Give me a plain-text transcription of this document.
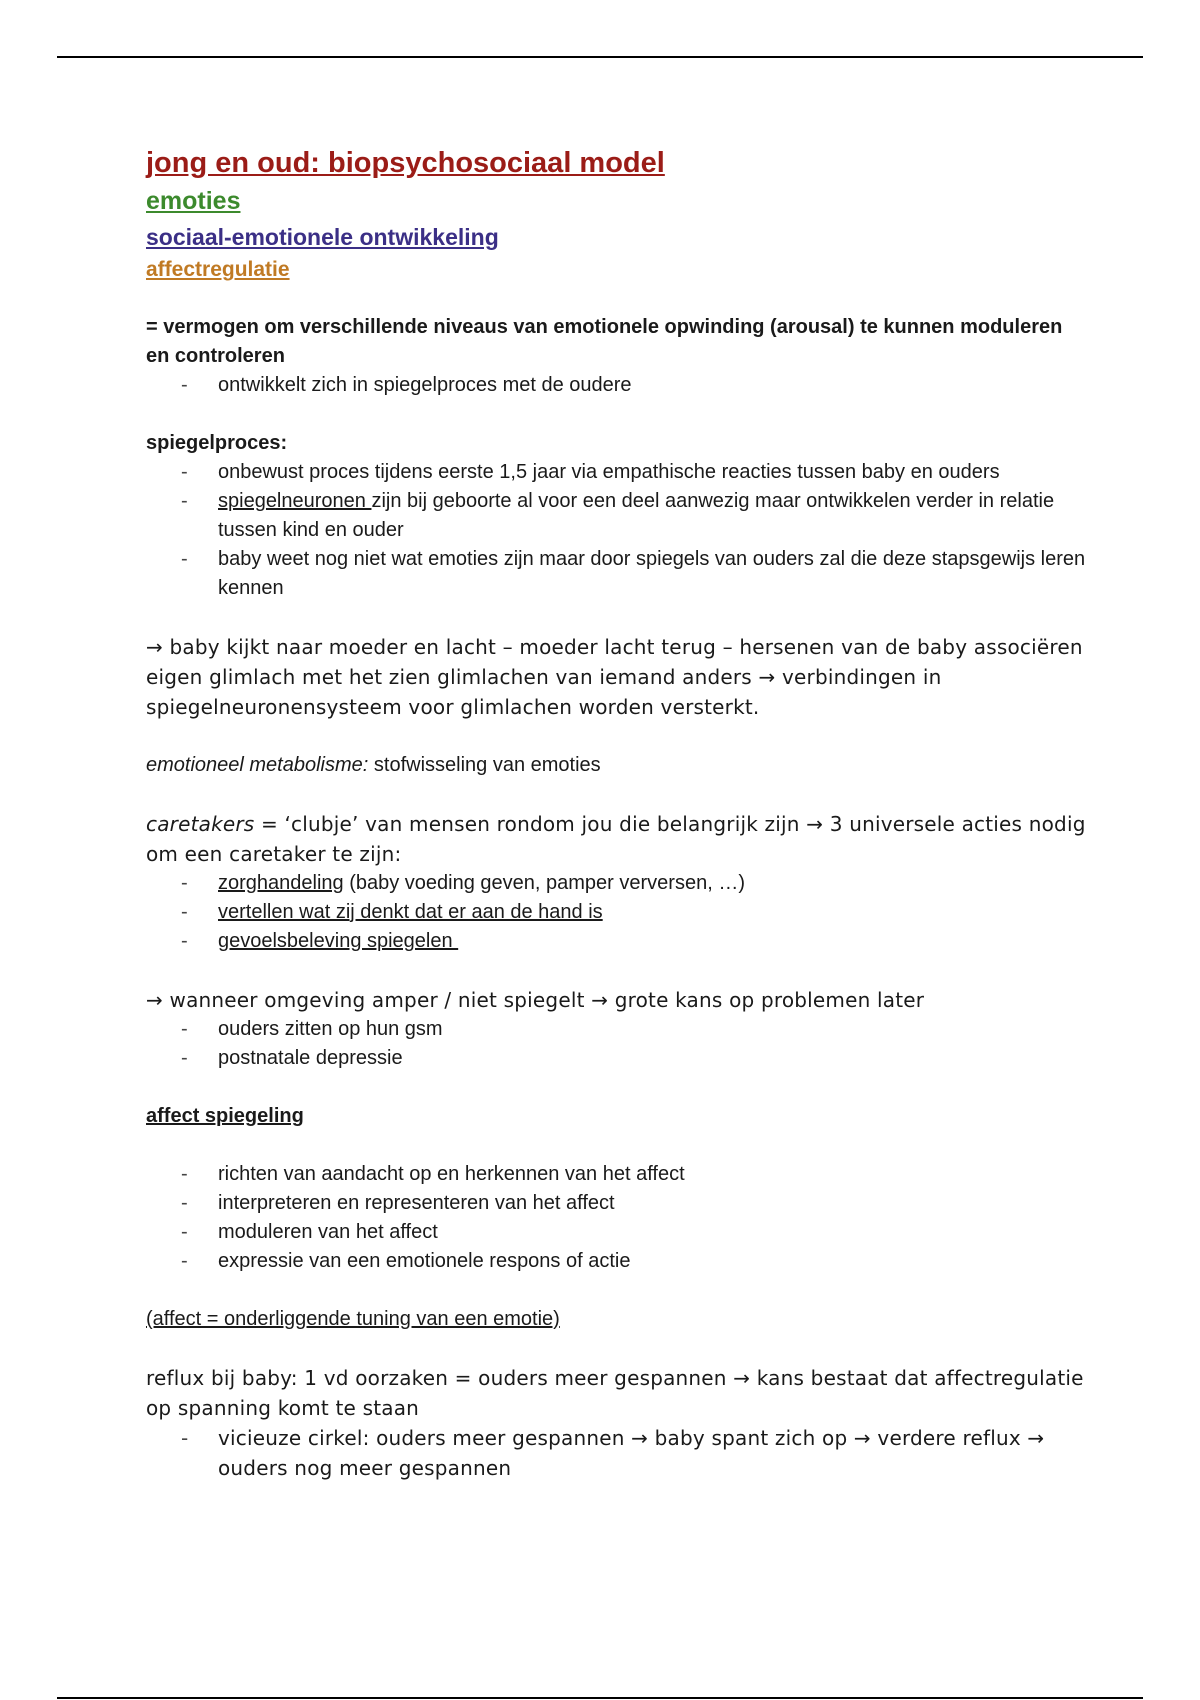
jong en oud: biopsychosociaal model
emoties
sociaal-emotionele ontwikkeling
affectregulatie

= vermogen om verschillende niveaus van emotionele opwinding (arousal) te kunnen moduleren en controleren

- ontwikkelt zich in spiegelproces met de oudere

spiegelproces:

- onbewust proces tijdens eerste 1,5 jaar via empathische reacties tussen baby en ouders
- spiegelneuronen zijn bij geboorte al voor een deel aanwezig maar ontwikkelen verder in relatie tussen kind en ouder
- baby weet nog niet wat emoties zijn maar door spiegels van ouders zal die deze stapsgewijs leren kennen

→ baby kijkt naar moeder en lacht – moeder lacht terug – hersenen van de baby associëren eigen glimlach met het zien glimlachen van iemand anders → verbindingen in spiegelneuronensysteem voor glimlachen worden versterkt.

emotioneel metabolisme: stofwisseling van emoties

caretakers = ‘clubje’ van mensen rondom jou die belangrijk zijn → 3 universele acties nodig om een caretaker te zijn:

- zorghandeling (baby voeding geven, pamper verversen, …)
- vertellen wat zij denkt dat er aan de hand is
- gevoelsbeleving spiegelen

→ wanneer omgeving amper / niet spiegelt → grote kans op problemen later

- ouders zitten op hun gsm
- postnatale depressie

affect spiegeling

- richten van aandacht op en herkennen van het affect
- interpreteren en representeren van het affect
- moduleren van het affect
- expressie van een emotionele respons of actie

(affect = onderliggende tuning van een emotie)

reflux bij baby: 1 vd oorzaken = ouders meer gespannen → kans bestaat dat affectregulatie op spanning komt te staan

- vicieuze cirkel: ouders meer gespannen → baby spant zich op → verdere reflux → ouders nog meer gespannen
